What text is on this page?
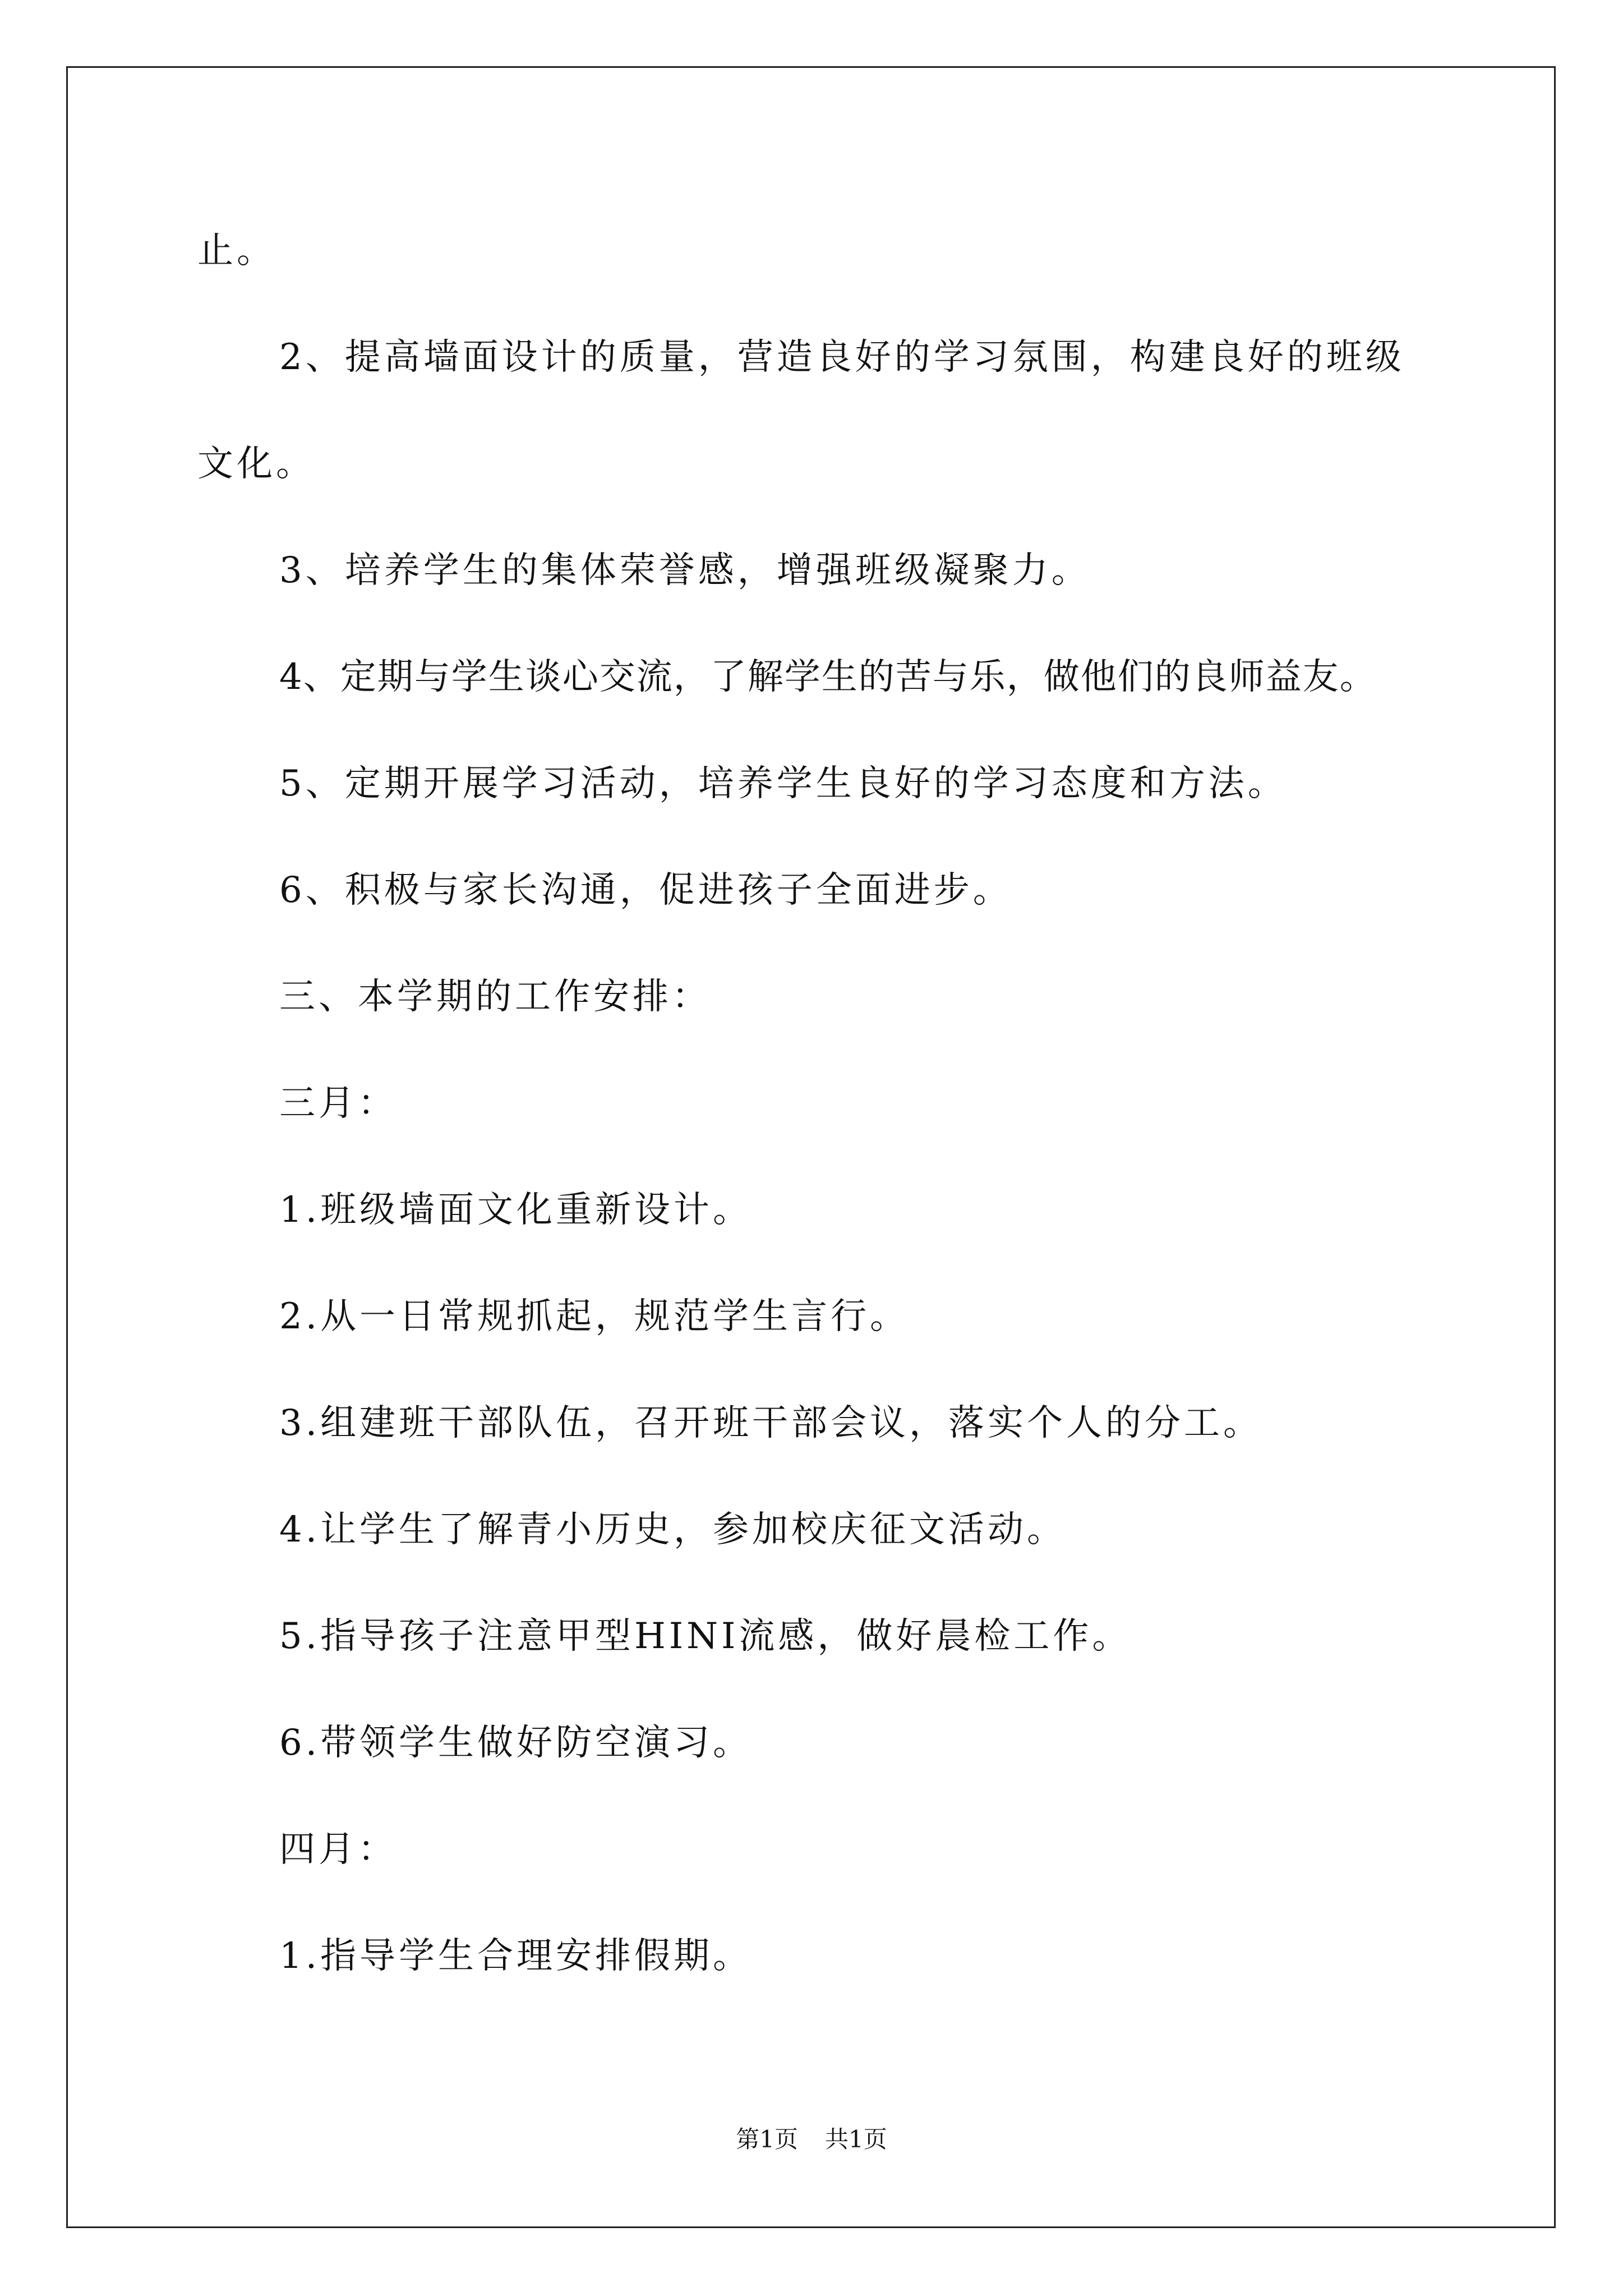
止。
2、提高墙面设计的质量，营造良好的学习氛围，构建良好的班级
文化。
3、培养学生的集体荣誉感，增强班级凝聚力。
4、定期与学生谈心交流，了解学生的苦与乐，做他们的良师益友。
5、定期开展学习活动，培养学生良好的学习态度和方法。
6、积极与家长沟通，促进孩子全面进步。
三、本学期的工作安排：
三月：
1.班级墙面文化重新设计。
2.从一日常规抓起，规范学生言行。
3.组建班干部队伍，召开班干部会议，落实个人的分工。
4.让学生了解青小历史，参加校庆征文活动。
5.指导孩子注意甲型HINI流感，做好晨检工作。
6.带领学生做好防空演习。
四月：
1.指导学生合理安排假期。
第1页 共1页
